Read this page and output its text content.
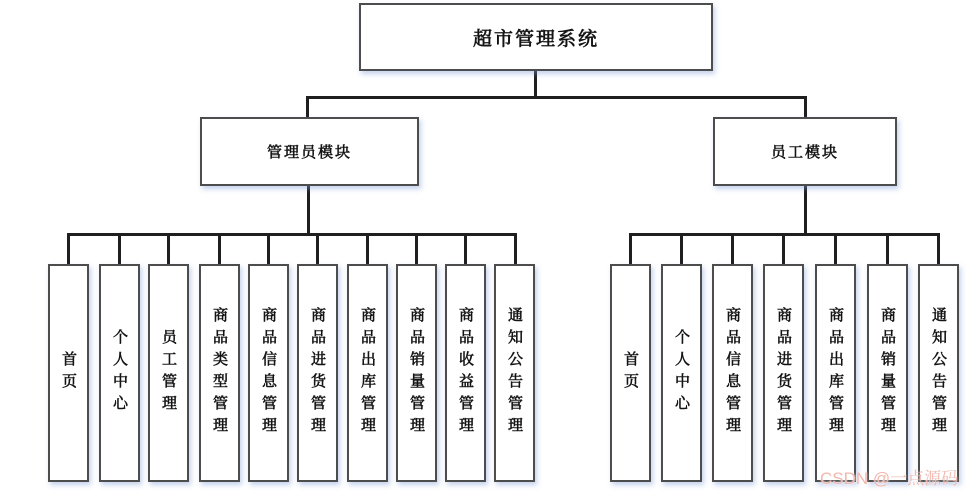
超市管理系统
管理员模块	员工模块
首页	个人中心	员工管理	商品类型管理	商品信息管理	商品进货管理	商品出库管理	商品销量管理	商品收益管理	通知公告管理	首页	个人中心	商品信息管理	商品进货管理	商品出库管理	商品销量管理	通知公告管理
CSDN @一点源码
